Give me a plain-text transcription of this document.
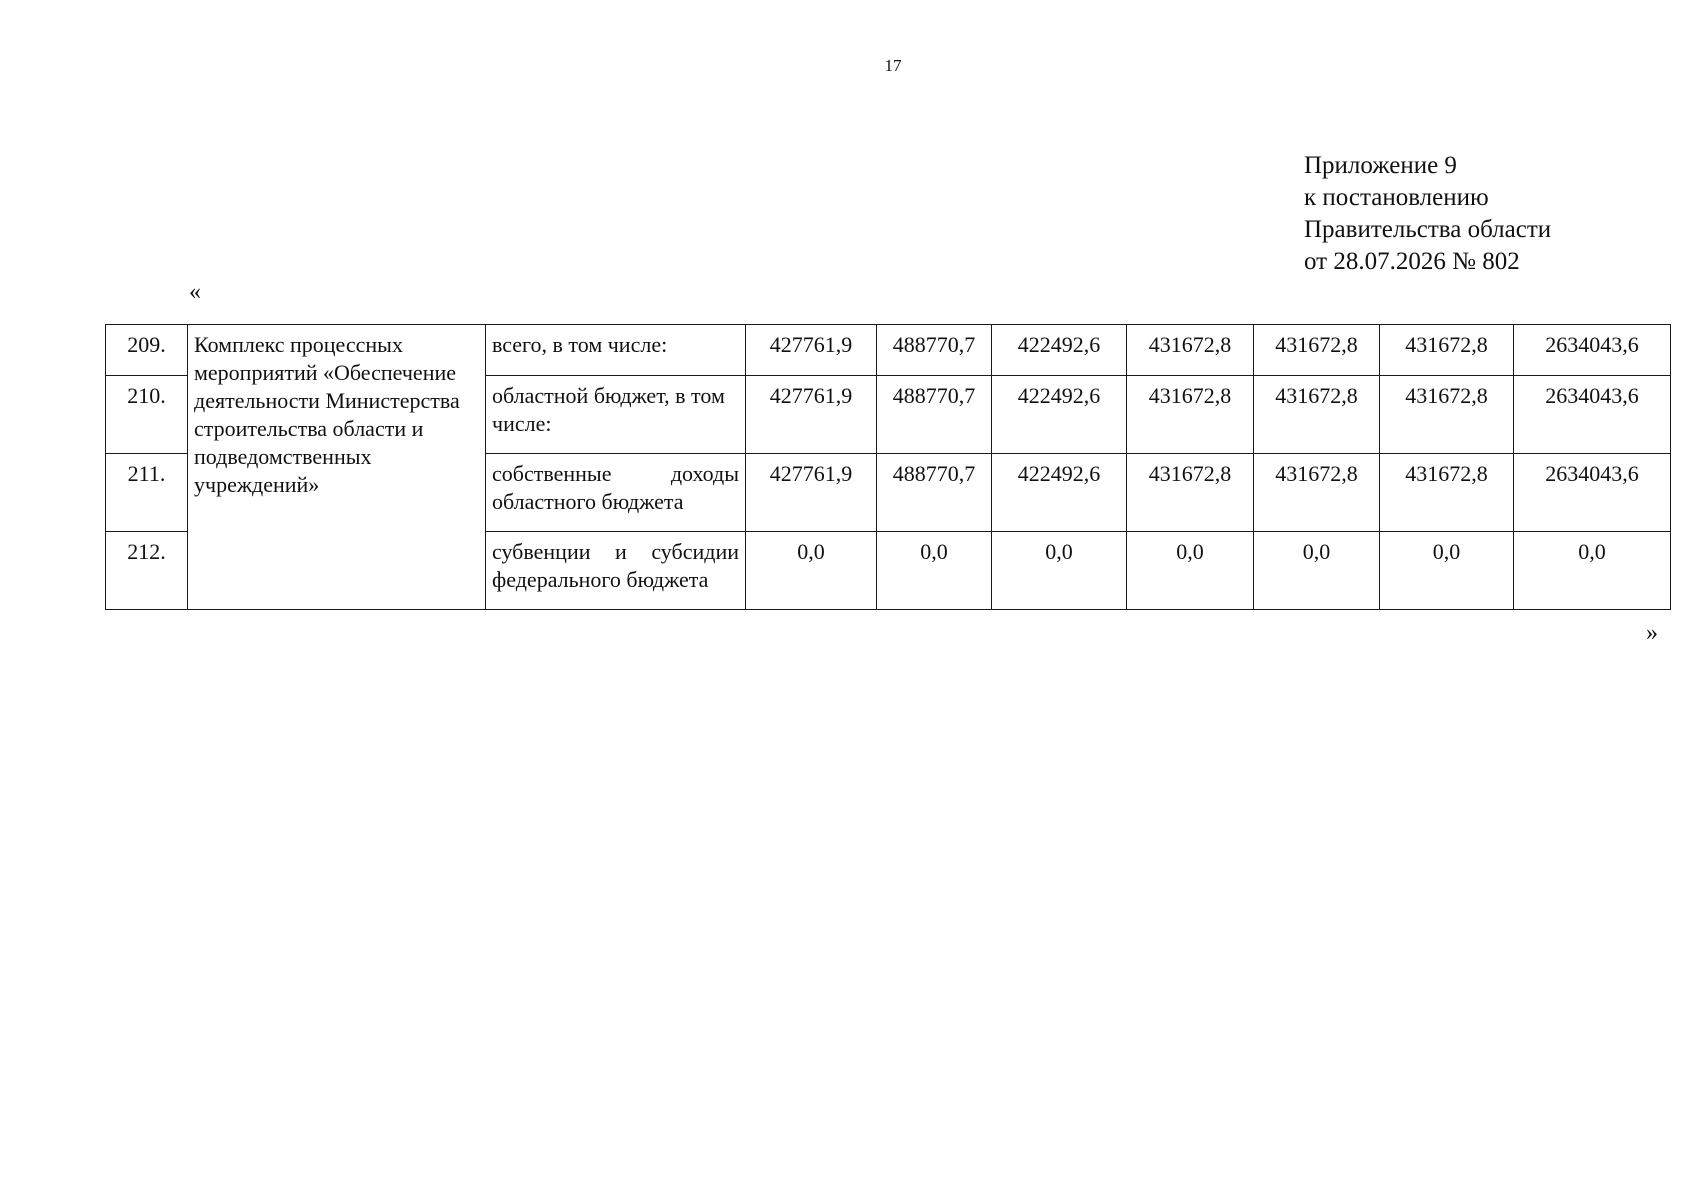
17
Приложение 9
к постановлению
Правительства области
от 28.07.2026 № 802
«
209.	Комплекс процессных мероприятий «Обеспечение деятельности Министерства строительства области и подведомственных учреждений»	всего, в том числе:	427761,9	488770,7	422492,6	431672,8	431672,8	431672,8	2634043,6
210.		областной бюджет, в том числе:	427761,9	488770,7	422492,6	431672,8	431672,8	431672,8	2634043,6
211.		собственные доходы областного бюджета	427761,9	488770,7	422492,6	431672,8	431672,8	431672,8	2634043,6
212.		субвенции и субсидии федерального бюджета	0,0	0,0	0,0	0,0	0,0	0,0	0,0
»
